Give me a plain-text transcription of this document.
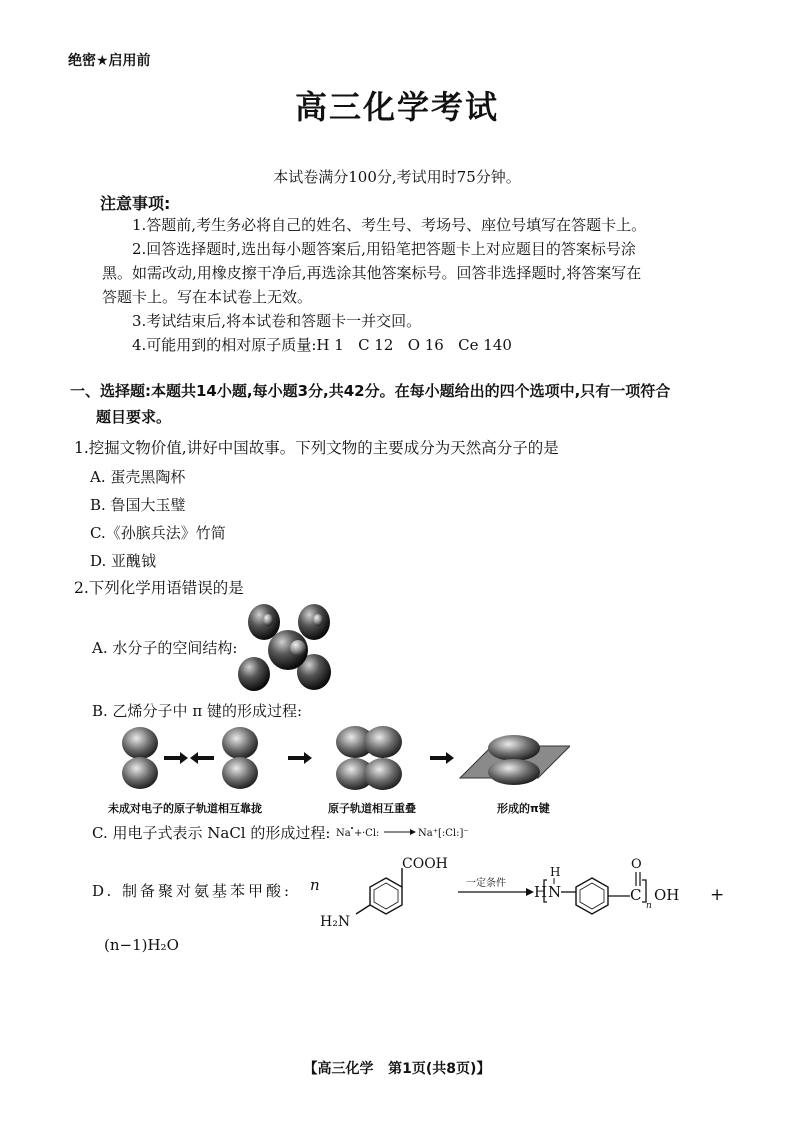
绝密★启用前
高三化学考试
本试卷满分100分,考试用时75分钟。
注意事项:
1.答题前,考生务必将自己的姓名、考生号、考场号、座位号填写在答题卡上。
2.回答选择题时,选出每小题答案后,用铅笔把答题卡上对应题目的答案标号涂
黑。如需改动,用橡皮擦干净后,再选涂其他答案标号。回答非选择题时,将答案写在
答题卡上。写在本试卷上无效。
3.考试结束后,将本试卷和答题卡一并交回。
4.可能用到的相对原子质量:H 1   C 12   O 16   Ce 140
一、选择题:本题共14小题,每小题3分,共42分。在每小题给出的四个选项中,只有一项符合
题目要求。
1.挖掘文物价值,讲好中国故事。下列文物的主要成分为天然高分子的是
A. 蛋壳黑陶杯
B. 鲁国大玉璧
C.《孙膑兵法》竹简
D. 亚醜钺
2.下列化学用语错误的是
A. 水分子的空间结构:
B. 乙烯分子中 π 键的形成过程:
未成对电子的原子轨道相互靠拢	原子轨道相互重叠	形成的π键
C. 用电子式表示 NaCl 的形成过程: Na + ·Cl:	Na⁺[:Cl:]⁻
D. 制备聚对氨基苯甲酸: n
COOH
H₂N
一定条件 H
H
N	C
O
n
OH +
(n−1)H₂O
【高三化学   第1页(共8页)】
